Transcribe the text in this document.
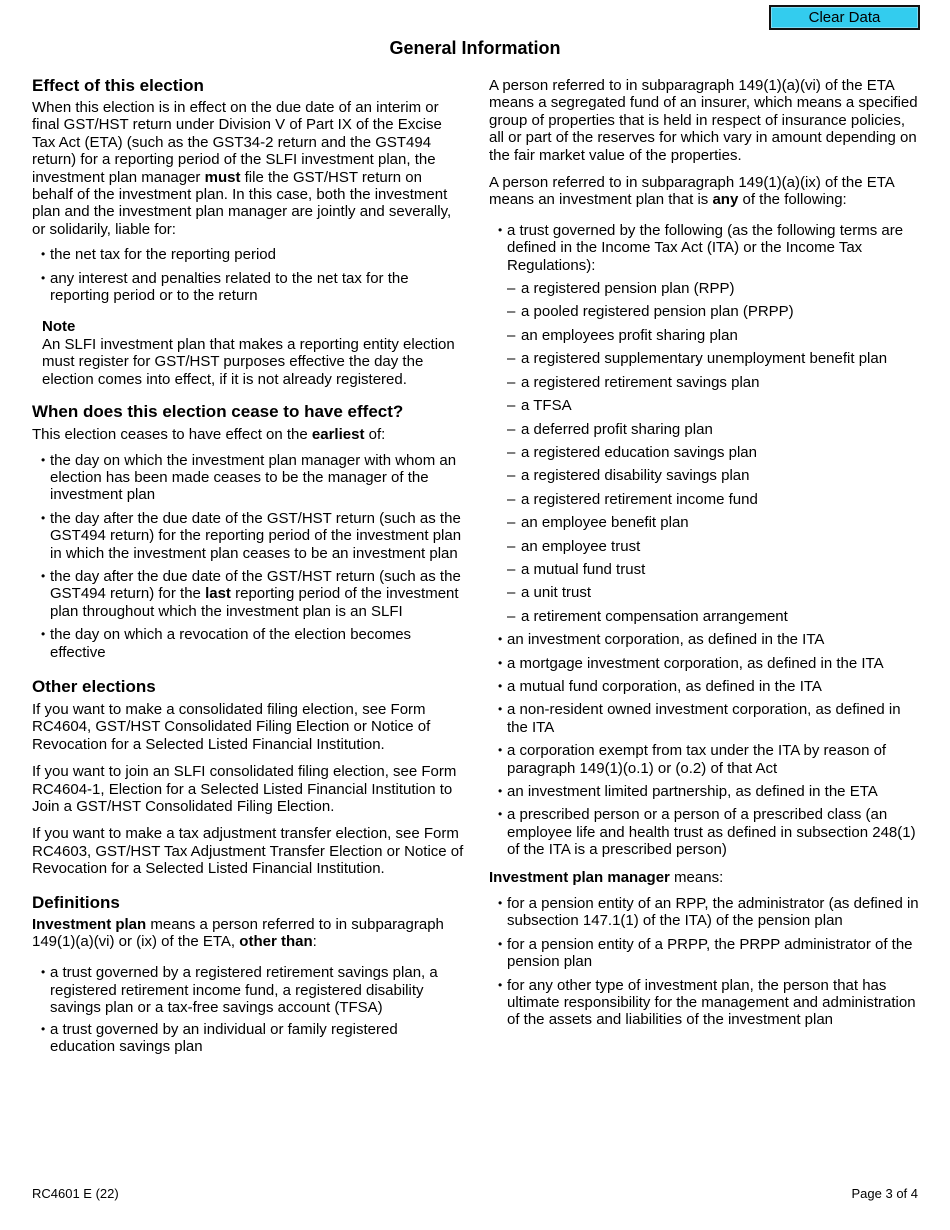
Clear Data
General Information
Effect of this election

When this election is in effect on the due date of an interim or final GST/HST return under Division V of Part IX of the Excise Tax Act (ETA) (such as the GST34-2 return and the GST494 return) for a reporting period of the SLFI investment plan, the investment plan manager must file the GST/HST return on behalf of the investment plan. In this case, both the investment plan and the investment plan manager are jointly and severally, or solidarily, liable for:

• the net tax for the reporting period
• any interest and penalties related to the net tax for the reporting period or to the return
Note

An SLFI investment plan that makes a reporting entity election must register for GST/HST purposes effective the day the election comes into effect, if it is not already registered.

When does this election cease to have effect?

This election ceases to have effect on the earliest of:

• the day on which the investment plan manager with whom an election has been made ceases to be the manager of the investment plan
• the day after the due date of the GST/HST return (such as the GST494 return) for the reporting period of the investment plan in which the investment plan ceases to be an investment plan
• the day after the due date of the GST/HST return (such as the GST494 return) for the last reporting period of the investment plan throughout which the investment plan is an SLFI
• the day on which a revocation of the election becomes effective
Other elections

If you want to make a consolidated filing election, see Form RC4604, GST/HST Consolidated Filing Election or Notice of Revocation for a Selected Listed Financial Institution.

If you want to join an SLFI consolidated filing election, see Form RC4604-1, Election for a Selected Listed Financial Institution to Join a GST/HST Consolidated Filing Election.

If you want to make a tax adjustment transfer election, see Form RC4603, GST/HST Tax Adjustment Transfer Election or Notice of Revocation for a Selected Listed Financial Institution.

Definitions

Investment plan means a person referred to in subparagraph 149(1)(a)(vi) or (ix) of the ETA, other than:

• a trust governed by a registered retirement savings plan, a registered retirement income fund, a registered disability savings plan or a tax-free savings account (TFSA)
• a trust governed by an individual or family registered education savings plan

A person referred to in subparagraph 149(1)(a)(vi) of the ETA means a segregated fund of an insurer, which means a specified group of properties that is held in respect of insurance policies, all or part of the reserves for which vary in amount depending on the fair market value of the properties.

A person referred to in subparagraph 149(1)(a)(ix) of the ETA means an investment plan that is any of the following:

• a trust governed by the following (as the following terms are defined in the Income Tax Act (ITA) or the Income Tax Regulations):
– a registered pension plan (RPP)
– a pooled registered pension plan (PRPP)
– an employees profit sharing plan
– a registered supplementary unemployment benefit plan
– a registered retirement savings plan
– a TFSA
– a deferred profit sharing plan
– a registered education savings plan
– a registered disability savings plan
– a registered retirement income fund
– an employee benefit plan
– an employee trust
– a mutual fund trust
– a unit trust
– a retirement compensation arrangement
• an investment corporation, as defined in the ITA
• a mortgage investment corporation, as defined in the ITA
• a mutual fund corporation, as defined in the ITA
• a non-resident owned investment corporation, as defined in the ITA
• a corporation exempt from tax under the ITA by reason of paragraph 149(1)(o.1) or (o.2) of that Act
• an investment limited partnership, as defined in the ETA
• a prescribed person or a person of a prescribed class (an employee life and health trust as defined in subsection 248(1) of the ITA is a prescribed person)

Investment plan manager means:

• for a pension entity of an RPP, the administrator (as defined in subsection 147.1(1) of the ITA) of the pension plan
• for a pension entity of a PRPP, the PRPP administrator of the pension plan
• for any other type of investment plan, the person that has ultimate responsibility for the management and administration of the assets and liabilities of the investment plan
RC4601 E (22)	Page 3 of 4
